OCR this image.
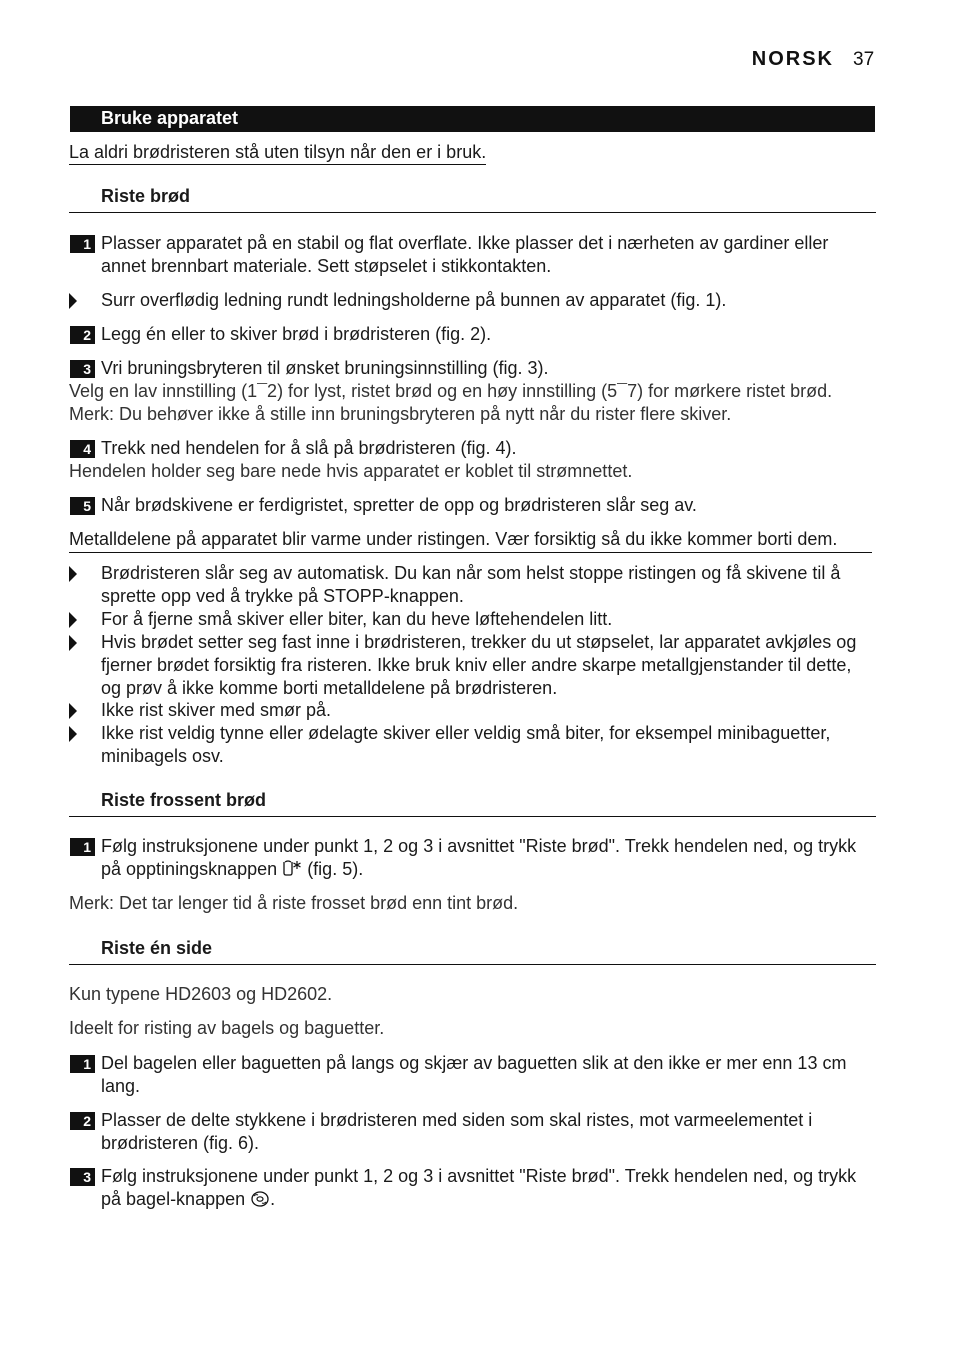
NORSK 37
Bruke apparatet
La aldri brødristeren stå uten tilsyn når den er i bruk.
Riste brød
1 Plasser apparatet på en stabil og flat overflate. Ikke plasser det i nærheten av gardiner eller annet brennbart materiale. Sett støpselet i stikkontakten.
Surr overflødig ledning rundt ledningsholderne på bunnen av apparatet (fig. 1).
2 Legg én eller to skiver brød i brødristeren (fig. 2).
3 Vri bruningsbryteren til ønsket bruningsinnstilling (fig. 3).
Velg en lav innstilling (1¯2) for lyst, ristet brød og en høy innstilling (5¯7) for mørkere ristet brød.
Merk: Du behøver ikke å stille inn bruningsbryteren på nytt når du rister flere skiver.
4 Trekk ned hendelen for å slå på brødristeren (fig. 4).
Hendelen holder seg bare nede hvis apparatet er koblet til strømnettet.
5 Når brødskivene er ferdigristet, spretter de opp og brødristeren slår seg av.
Metalldelene på apparatet blir varme under ristingen. Vær forsiktig så du ikke kommer borti dem.
Brødristeren slår seg av automatisk. Du kan når som helst stoppe ristingen og få skivene til å sprette opp ved å trykke på STOPP-knappen.
For å fjerne små skiver eller biter, kan du heve løftehendelen litt.
Hvis brødet setter seg fast inne i brødristeren, trekker du ut støpselet, lar apparatet avkjøles og fjerner brødet forsiktig fra risteren. Ikke bruk kniv eller andre skarpe metallgjenstander til dette, og prøv å ikke komme borti metalldelene på brødristeren.
Ikke rist skiver med smør på.
Ikke rist veldig tynne eller ødelagte skiver eller veldig små biter, for eksempel minibaguetter, minibagels osv.
Riste frossent brød
1 Følg instruksjonene under punkt 1, 2 og 3 i avsnittet "Riste brød". Trekk hendelen ned, og trykk på opptiningsknappen (fig. 5).
Merk: Det tar lenger tid å riste frosset brød enn tint brød.
Riste én side
Kun typene HD2603 og HD2602.
Ideelt for risting av bagels og baguetter.
1 Del bagelen eller baguetten på langs og skjær av baguetten slik at den ikke er mer enn 13 cm lang.
2 Plasser de delte stykkene i brødristeren med siden som skal ristes, mot varmeelementet i brødristeren (fig. 6).
3 Følg instruksjonene under punkt 1, 2 og 3 i avsnittet "Riste brød". Trekk hendelen ned, og trykk på bagel-knappen .
